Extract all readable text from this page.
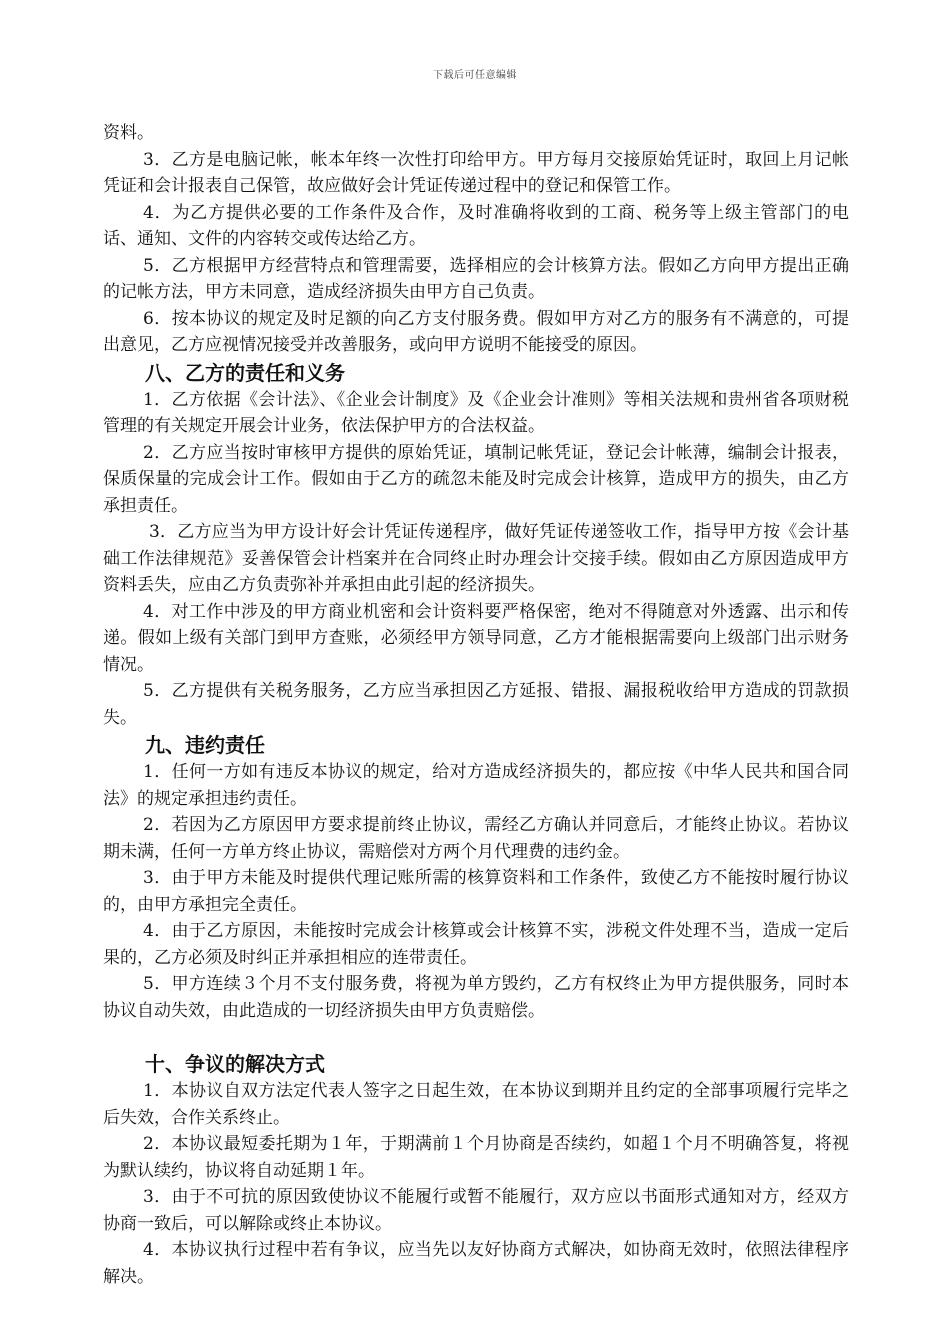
下载后可任意编辑

资料。

3．乙方是电脑记帐，帐本年终一次性打印给甲方。甲方每月交接原始凭证时，取回上月记帐凭证和会计报表自己保管，故应做好会计凭证传递过程中的登记和保管工作。

4．为乙方提供必要的工作条件及合作，及时准确将收到的工商、税务等上级主管部门的电话、通知、文件的内容转交或传达给乙方。

5．乙方根据甲方经营特点和管理需要，选择相应的会计核算方法。假如乙方向甲方提出正确的记帐方法，甲方未同意，造成经济损失由甲方自己负责。

6．按本协议的规定及时足额的向乙方支付服务费。假如甲方对乙方的服务有不满意的，可提出意见，乙方应视情况接受并改善服务，或向甲方说明不能接受的原因。

八、乙方的责任和义务

1．乙方依据《会计法》、《企业会计制度》及《企业会计准则》等相关法规和贵州省各项财税管理的有关规定开展会计业务，依法保护甲方的合法权益。

2．乙方应当按时审核甲方提供的原始凭证，填制记帐凭证，登记会计帐薄，编制会计报表，保质保量的完成会计工作。假如由于乙方的疏忽未能及时完成会计核算，造成甲方的损失，由乙方承担责任。

3．乙方应当为甲方设计好会计凭证传递程序，做好凭证传递签收工作，指导甲方按《会计基础工作法律规范》妥善保管会计档案并在合同终止时办理会计交接手续。假如由乙方原因造成甲方资料丢失，应由乙方负责弥补并承担由此引起的经济损失。

4．对工作中涉及的甲方商业机密和会计资料要严格保密，绝对不得随意对外透露、出示和传递。假如上级有关部门到甲方查账，必须经甲方领导同意，乙方才能根据需要向上级部门出示财务情况。

5．乙方提供有关税务服务，乙方应当承担因乙方延报、错报、漏报税收给甲方造成的罚款损失。

九、违约责任

1．任何一方如有违反本协议的规定，给对方造成经济损失的，都应按《中华人民共和国合同法》的规定承担违约责任。

2．若因为乙方原因甲方要求提前终止协议，需经乙方确认并同意后，才能终止协议。若协议期未满，任何一方单方终止协议，需赔偿对方两个月代理费的违约金。

3．由于甲方未能及时提供代理记账所需的核算资料和工作条件，致使乙方不能按时履行协议的，由甲方承担完全责任。

4．由于乙方原因，未能按时完成会计核算或会计核算不实，涉税文件处理不当，造成一定后果的，乙方必须及时纠正并承担相应的连带责任。

5．甲方连续３个月不支付服务费，将视为单方毁约，乙方有权终止为甲方提供服务，同时本协议自动失效，由此造成的一切经济损失由甲方负责赔偿。

十、争议的解决方式

1．本协议自双方法定代表人签字之日起生效，在本协议到期并且约定的全部事项履行完毕之后失效，合作关系终止。

2．本协议最短委托期为１年，于期满前１个月协商是否续约，如超１个月不明确答复，将视为默认续约，协议将自动延期１年。

3．由于不可抗的原因致使协议不能履行或暂不能履行，双方应以书面形式通知对方，经双方协商一致后，可以解除或终止本协议。

4．本协议执行过程中若有争议，应当先以友好协商方式解决，如协商无效时，依照法律程序解决。
